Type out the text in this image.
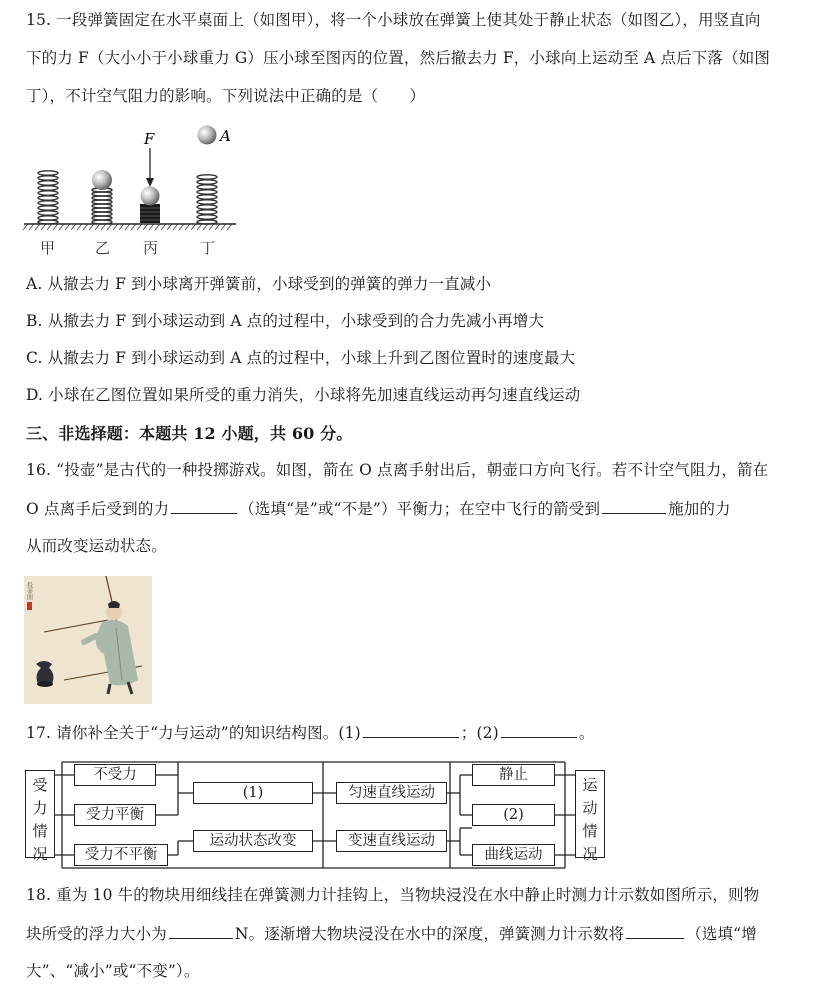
15. 一段弹簧固定在水平桌面上（如图甲），将一个小球放在弹簧上使其处于静止状态（如图乙），用竖直向
下的力 F（大小小于小球重力 G）压小球至图丙的位置，然后撤去力 F，小球向上运动至 A 点后下落（如图
丁），不计空气阻力的影响。下列说法中正确的是（　　）
F	A
甲	乙 丙	丁
A. 从撤去力 F 到小球离开弹簧前，小球受到的弹簧的弹力一直减小
B. 从撤去力 F 到小球运动到 A 点的过程中，小球受到的合力先减小再增大
C. 从撤去力 F 到小球运动到 A 点的过程中，小球上升到乙图位置时的速度最大
D. 小球在乙图位置如果所受的重力消失，小球将先加速直线运动再匀速直线运动
三、非选择题：本题共 12 小题，共 60 分。
16. “投壶”是古代的一种投掷游戏。如图，箭在 O 点离手射出后，朝壶口方向飞行。若不计空气阻力，箭在
O 点离手后受到的力	（选填“是”或“不是”）平衡力；在空中飞行的箭受到	施加的力
从而改变运动状态。
投壶图
17. 请你补全关于“力与运动”的知识结构图。(1)	；(2)	。
受
力
情
况
不受力
受力平衡
受力不平衡
(1)
运动状态改变
匀速直线运动
变速直线运动
静止
(2)
曲线运动
运
动
情
况
18. 重为 10 牛的物块用细线挂在弹簧测力计挂钩上，当物块浸没在水中静止时测力计示数如图所示，则物
块所受的浮力大小为	N。逐渐增大物块浸没在水中的深度，弹簧测力计示数将	（选填“增
大”、“减小”或“不变”）。
